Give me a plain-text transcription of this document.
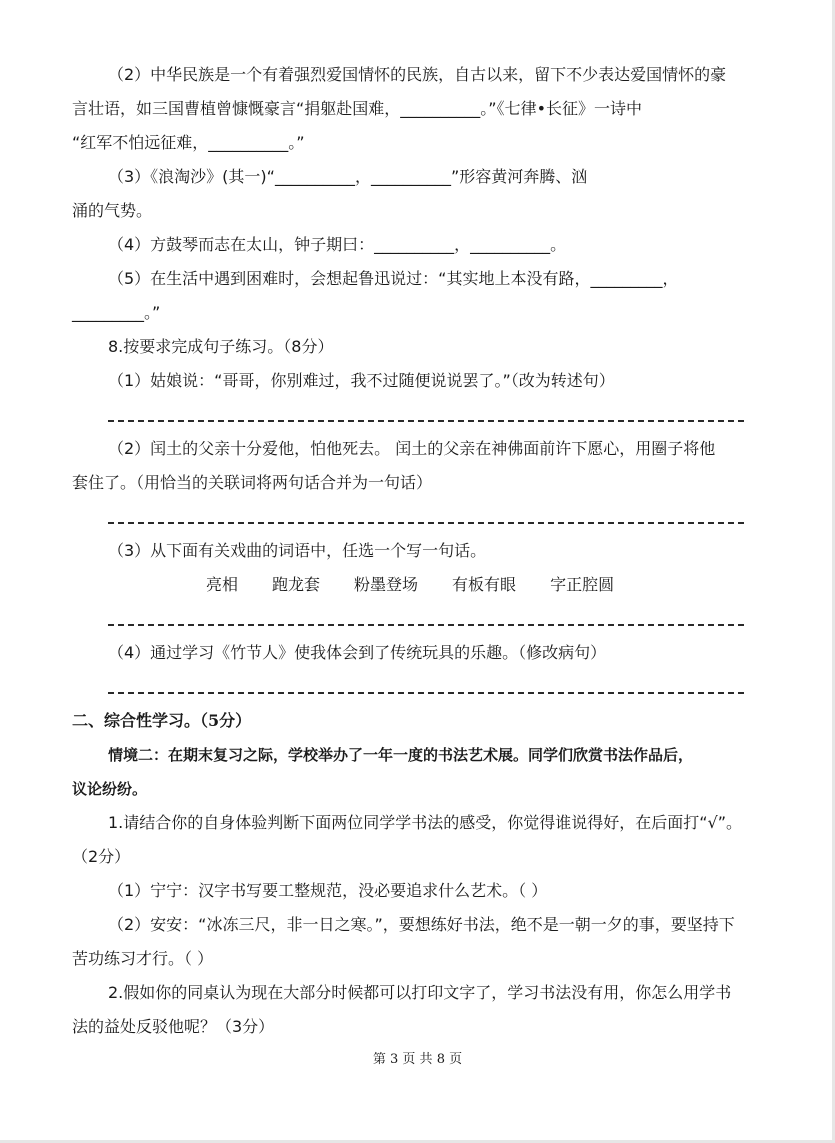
（2）中华民族是一个有着强烈爱国情怀的民族，自古以来，留下不少表达爱国情怀的豪
言壮语，如三国曹植曾慷慨豪言“捐躯赴国难，__________。”《七律•长征》一诗中
“红军不怕远征难，__________。”
（3）《浪淘沙》(其一)“__________，__________”形容黄河奔腾、汹
涌的气势。
（4）方鼓琴而志在太山，钟子期曰：__________，__________。
（5）在生活中遇到困难时，会想起鲁迅说过：“其实地上本没有路，_________，
_________。”
8.按要求完成句子练习。（8分）
（1）姑娘说：“哥哥，你别难过，我不过随便说说罢了。”（改为转述句）
（2）闰土的父亲十分爱他，怕他死去。 闰土的父亲在神佛面前许下愿心，用圈子将他
套住了。（用恰当的关联词将两句话合并为一句话）
（3）从下面有关戏曲的词语中，任选一个写一句话。
亮相 跑龙套 粉墨登场 有板有眼 字正腔圆
（4）通过学习《竹节人》使我体会到了传统玩具的乐趣。（修改病句）
二、综合性学习。（5分）
情境二：在期末复习之际，学校举办了一年一度的书法艺术展。同学们欣赏书法作品后，
议论纷纷。
1.请结合你的自身体验判断下面两位同学学书法的感受，你觉得谁说得好，在后面打“√”。
（2分）
（1）宁宁：汉字书写要工整规范，没必要追求什么艺术。（ ）
（2）安安：“冰冻三尺，非一日之寒。”，要想练好书法，绝不是一朝一夕的事，要坚持下
苦功练习才行。（ ）
2.假如你的同桌认为现在大部分时候都可以打印文字了，学习书法没有用，你怎么用学书
法的益处反驳他呢？（3分）
第 3 页 共 8 页
